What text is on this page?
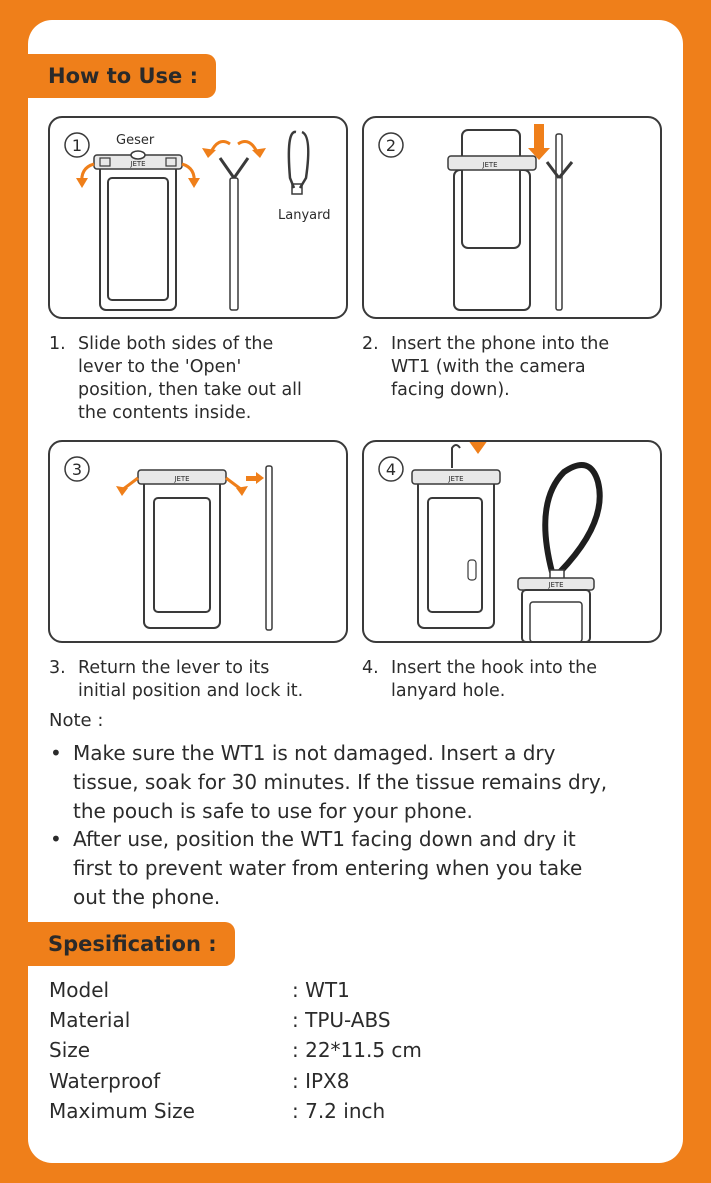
How to Use :
1	Geser
JETE
Lanyard
2
JETE
1. Slide both sides of the
lever to the 'Open'
position, then take out all
the contents inside.
2. Insert the phone into the
WT1 (with the camera
facing down).
3	JETE	4	JETE
JETE
3. Return the lever to its
initial position and lock it.
4. Insert the hook into the
lanyard hole.
Note :
• Make sure the WT1 is not damaged. Insert a dry
tissue, soak for 30 minutes. If the tissue remains dry,
the pouch is safe to use for your phone.
• After use, position the WT1 facing down and dry it
first to prevent water from entering when you take
out the phone.
Spesification :
Model	: WT1
Material	: TPU-ABS
Size	: 22*11.5 cm
Waterproof	: IPX8
Maximum Size	: 7.2 inch
